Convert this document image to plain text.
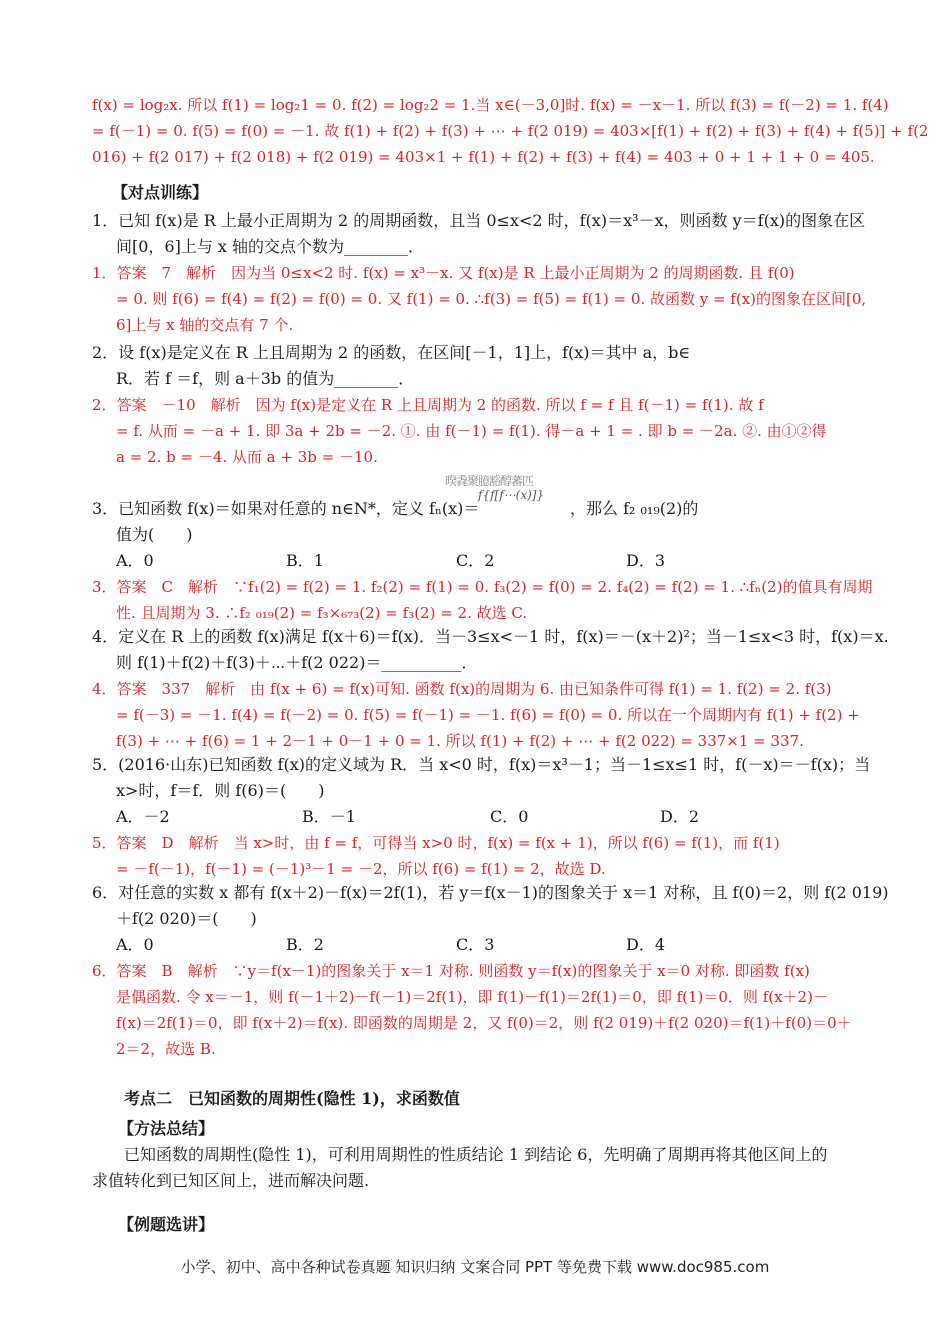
f(x) = log₂x. 所以 f(1) = log₂1 = 0. f(2) = log₂2 = 1.当 x∈(－3,0]时. f(x) = －x－1. 所以 f(3) = f(－2) = 1. f(4)
= f(－1) = 0. f(5) = f(0) = －1. 故 f(1) + f(2) + f(3) + ⋯ + f(2 019) = 403×[f(1) + f(2) + f(3) + f(4) + f(5)] + f(2
016) + f(2 017) + f(2 018) + f(2 019) = 403×1 + f(1) + f(2) + f(3) + f(4) = 403 + 0 + 1 + 1 + 0 = 405.
【对点训练】
1．已知 f(x)是 R 上最小正周期为 2 的周期函数，且当 0≤x<2 时，f(x)＝x³－x，则函数 y＝f(x)的图象在区
间[0，6]上与 x 轴的交点个数为________．
1．答案　7　解析　因为当 0≤x<2 时. f(x) = x³－x. 又 f(x)是 R 上最小正周期为 2 的周期函数. 且 f(0)
= 0. 则 f(6) = f(4) = f(2) = f(0) = 0. 又 f(1) = 0. ∴f(3) = f(5) = f(1) = 0. 故函数 y = f(x)的图象在区间[0,
6]上与 x 轴的交点有 7 个.
2．设 f(x)是定义在 R 上且周期为 2 的函数，在区间[－1，1]上，f(x)＝其中 a，b∈
R．若 f ＝f，则 a＋3b 的值为________．
2．答案　－10　解析　因为 f(x)是定义在 R 上且周期为 2 的函数. 所以 f = f 且 f(－1) = f(1). 故 f
= f. 从而 = －a + 1. 即 3a + 2b = －2. ①. 由 f(－1) = f(1). 得－a + 1 = . 即 b = －2a. ②. 由①②得
a = 2. b = －4. 从而 a + 3b = －10.
暌毳聚臆豁醇蕃匹
3．已知函数 f(x)＝如果对任意的 n∈N*，定义 fₙ(x)＝
f{f[f⋯(x)]}
，那么 f₂ ₀₁₉(2)的
值为(　　)
A．0	B．1	C．2	D．3
3．答案　C　解析　∵f₁(2) = f(2) = 1. f₂(2) = f(1) = 0. f₃(2) = f(0) = 2. f₄(2) = f(2) = 1. ∴fₙ(2)的值具有周期
性. 且周期为 3. ∴f₂ ₀₁₉(2) = f₃×₆₇₃(2) = f₃(2) = 2. 故选 C.
4．定义在 R 上的函数 f(x)满足 f(x＋6)＝f(x)．当－3≤x<－1 时，f(x)＝－(x＋2)²；当－1≤x<3 时，f(x)＝x.
则 f(1)＋f(2)＋f(3)＋⋯＋f(2 022)＝__________．
4．答案　337　解析　由 f(x + 6) = f(x)可知. 函数 f(x)的周期为 6. 由已知条件可得 f(1) = 1. f(2) = 2. f(3)
= f(－3) = －1. f(4) = f(－2) = 0. f(5) = f(－1) = －1. f(6) = f(0) = 0. 所以在一个周期内有 f(1) + f(2) +
f(3) + ⋯ + f(6) = 1 + 2－1 + 0－1 + 0 = 1. 所以 f(1) + f(2) + ⋯ + f(2 022) = 337×1 = 337.
5．(2016·山东)已知函数 f(x)的定义域为 R．当 x<0 时，f(x)＝x³－1；当－1≤x≤1 时，f(－x)＝－f(x)；当
x>时，f＝f．则 f(6)＝(　　)
A．－2	B．－1	C．0	D．2
5．答案　D　解析　当 x>时，由 f = f，可得当 x>0 时，f(x) = f(x + 1)，所以 f(6) = f(1)，而 f(1)
= －f(－1)，f(－1) = (－1)³－1 = －2，所以 f(6) = f(1) = 2，故选 D.
6．对任意的实数 x 都有 f(x＋2)－f(x)＝2f(1)，若 y＝f(x－1)的图象关于 x＝1 对称，且 f(0)＝2，则 f(2 019)
＋f(2 020)＝(　　)
A．0	B．2	C．3	D．4
6．答案　B　解析　∵y＝f(x－1)的图象关于 x＝1 对称. 则函数 y＝f(x)的图象关于 x＝0 对称. 即函数 f(x)
是偶函数. 令 x＝－1，则 f(－1＋2)－f(－1)＝2f(1)，即 f(1)－f(1)＝2f(1)＝0，即 f(1)＝0．则 f(x＋2)－
f(x)＝2f(1)＝0，即 f(x＋2)＝f(x). 即函数的周期是 2，又 f(0)＝2，则 f(2 019)＋f(2 020)＝f(1)＋f(0)＝0＋
2＝2，故选 B.
考点二　已知函数的周期性(隐性 1)，求函数值
【方法总结】
已知函数的周期性(隐性 1)，可利用周期性的性质结论 1 到结论 6，先明确了周期再将其他区间上的
求值转化到已知区间上，进而解决问题.
【例题选讲】
小学、初中、高中各种试卷真题 知识归纳 文案合同 PPT 等免费下载 www.doc985.com
